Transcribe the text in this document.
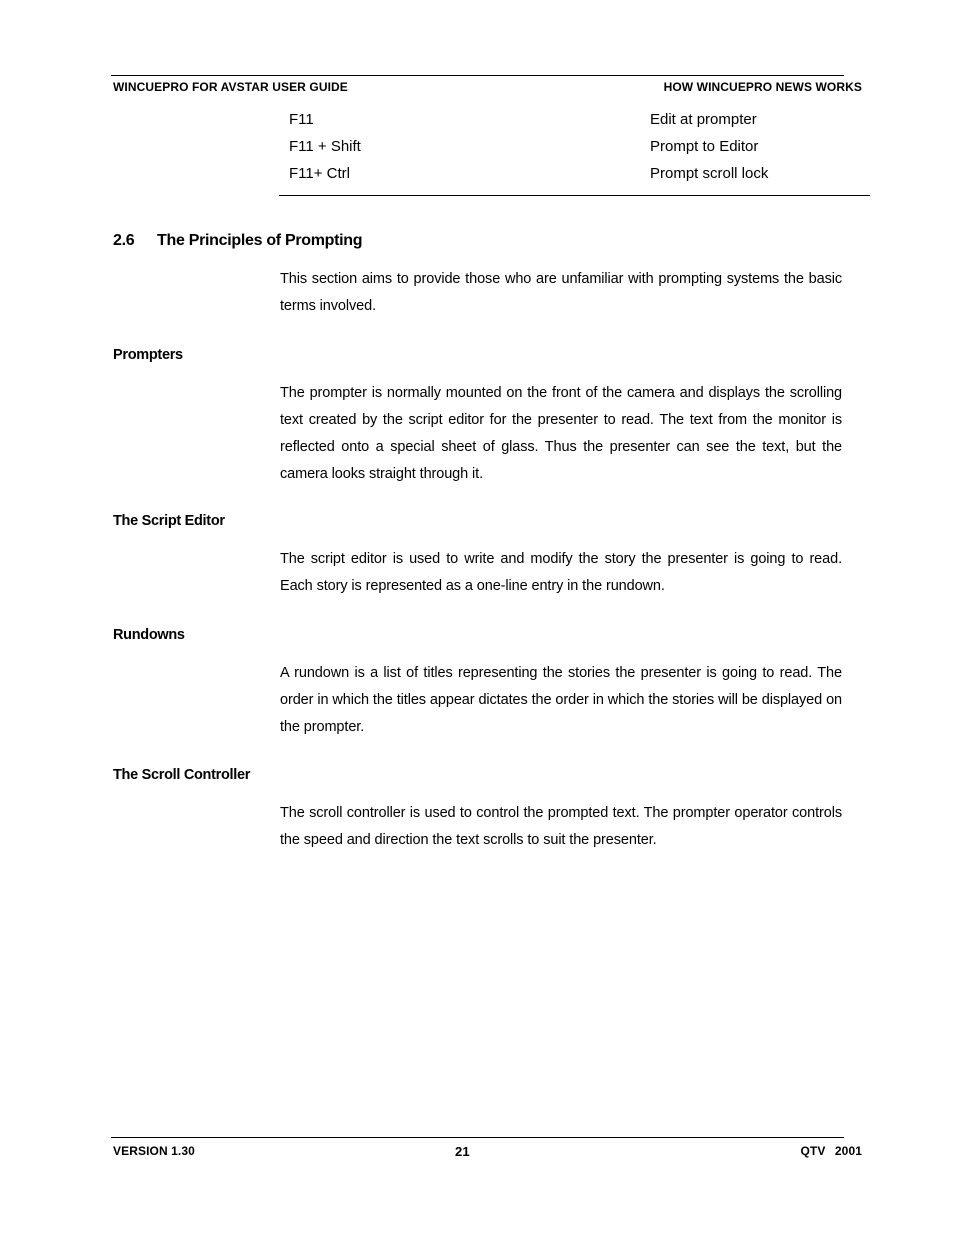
WINCUEPRO FOR AVSTAR USER GUIDE	HOW WINCUEPRO NEWS WORKS
F11	Edit at prompter
F11 + Shift	Prompt to Editor
F11+ Ctrl	Prompt scroll lock
2.6 The Principles of Prompting
This section aims to provide those who are unfamiliar with prompting systems the basic terms involved.
Prompters
The prompter is normally mounted on the front of the camera and displays the scrolling text created by the script editor for the presenter to read. The text from the monitor is reflected onto a special sheet of glass. Thus the presenter can see the text, but the camera looks straight through it.
The Script Editor
The script editor is used to write and modify the story the presenter is going to read. Each story is represented as a one-line entry in the rundown.
Rundowns
A rundown is a list of titles representing the stories the presenter is going to read. The order in which the titles appear dictates the order in which the stories will be displayed on the prompter.
The Scroll Controller
The scroll controller is used to control the prompted text. The prompter operator controls the speed and direction the text scrolls to suit the presenter.
VERSION 1.30	21	QTV 2001
